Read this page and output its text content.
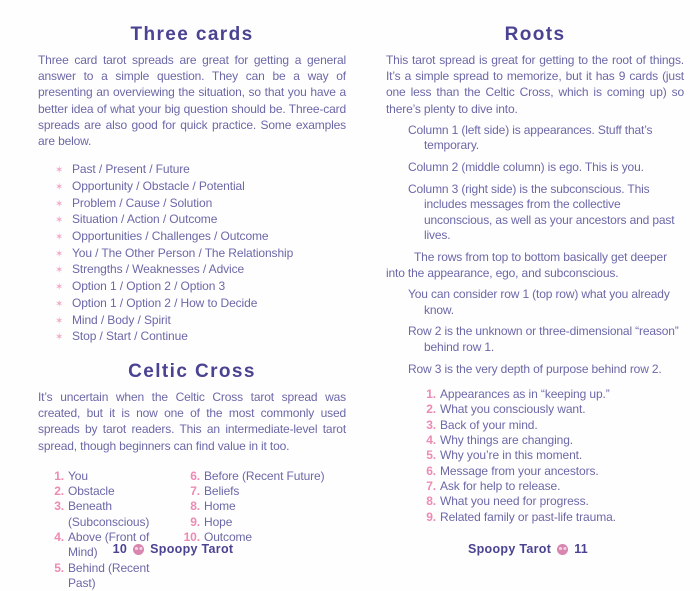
Three cards

Three card tarot spreads are great for getting a general answer to a simple question. They can be a way of presenting an overviewing the situation, so that you have a better idea of what your big question should be. Three-card spreads are also good for quick practice. Some examples are below.

✶ Past / Present / Future
✶ Opportunity / Obstacle / Potential
✶ Problem / Cause / Solution
✶ Situation / Action / Outcome
✶ Opportunities / Challenges / Outcome
✶ You / The Other Person / The Relationship
✶ Strengths / Weaknesses / Advice
✶ Option 1 / Option 2 / Option 3
✶ Option 1 / Option 2 / How to Decide
✶ Mind / Body / Spirit
✶ Stop / Start / Continue
Celtic Cross

It’s uncertain when the Celtic Cross tarot spread was created, but it is now one of the most commonly used spreads by tarot readers. This an intermediate-level tarot spread, though beginners can find value in it too.

1. You
2. Obstacle
3. Beneath (Subconscious)
4. Above (Front of Mind)
5. Behind (Recent Past)
6. Before (Recent Future)
7. Beliefs
8. Home
9. Hope
10. Outcome
Roots

This tarot spread is great for getting to the root of things. It’s a simple spread to memorize, but it has 9 cards (just one less than the Celtic Cross, which is coming up) so there’s plenty to dive into.

Column 1 (left side) is appearances. Stuff that’s temporary.

Column 2 (middle column) is ego. This is you.

Column 3 (right side) is the subconscious. This includes messages from the collective unconscious, as well as your ancestors and past lives.

The rows from top to bottom basically get deeper into the appearance, ego, and subconscious.

You can consider row 1 (top row) what you already know.

Row 2 is the unknown or three-dimensional “reason” behind row 1.

Row 3 is the very depth of purpose behind row 2.

1. Appearances as in “keeping up.”
2. What you consciously want.
3. Back of your mind.
4. Why things are changing.
5. Why you’re in this moment.
6. Message from your ancestors.
7. Ask for help to release.
8. What you need for progress.
9. Related family or past-life trauma.
10 Spoopy Tarot	Spoopy Tarot 11
